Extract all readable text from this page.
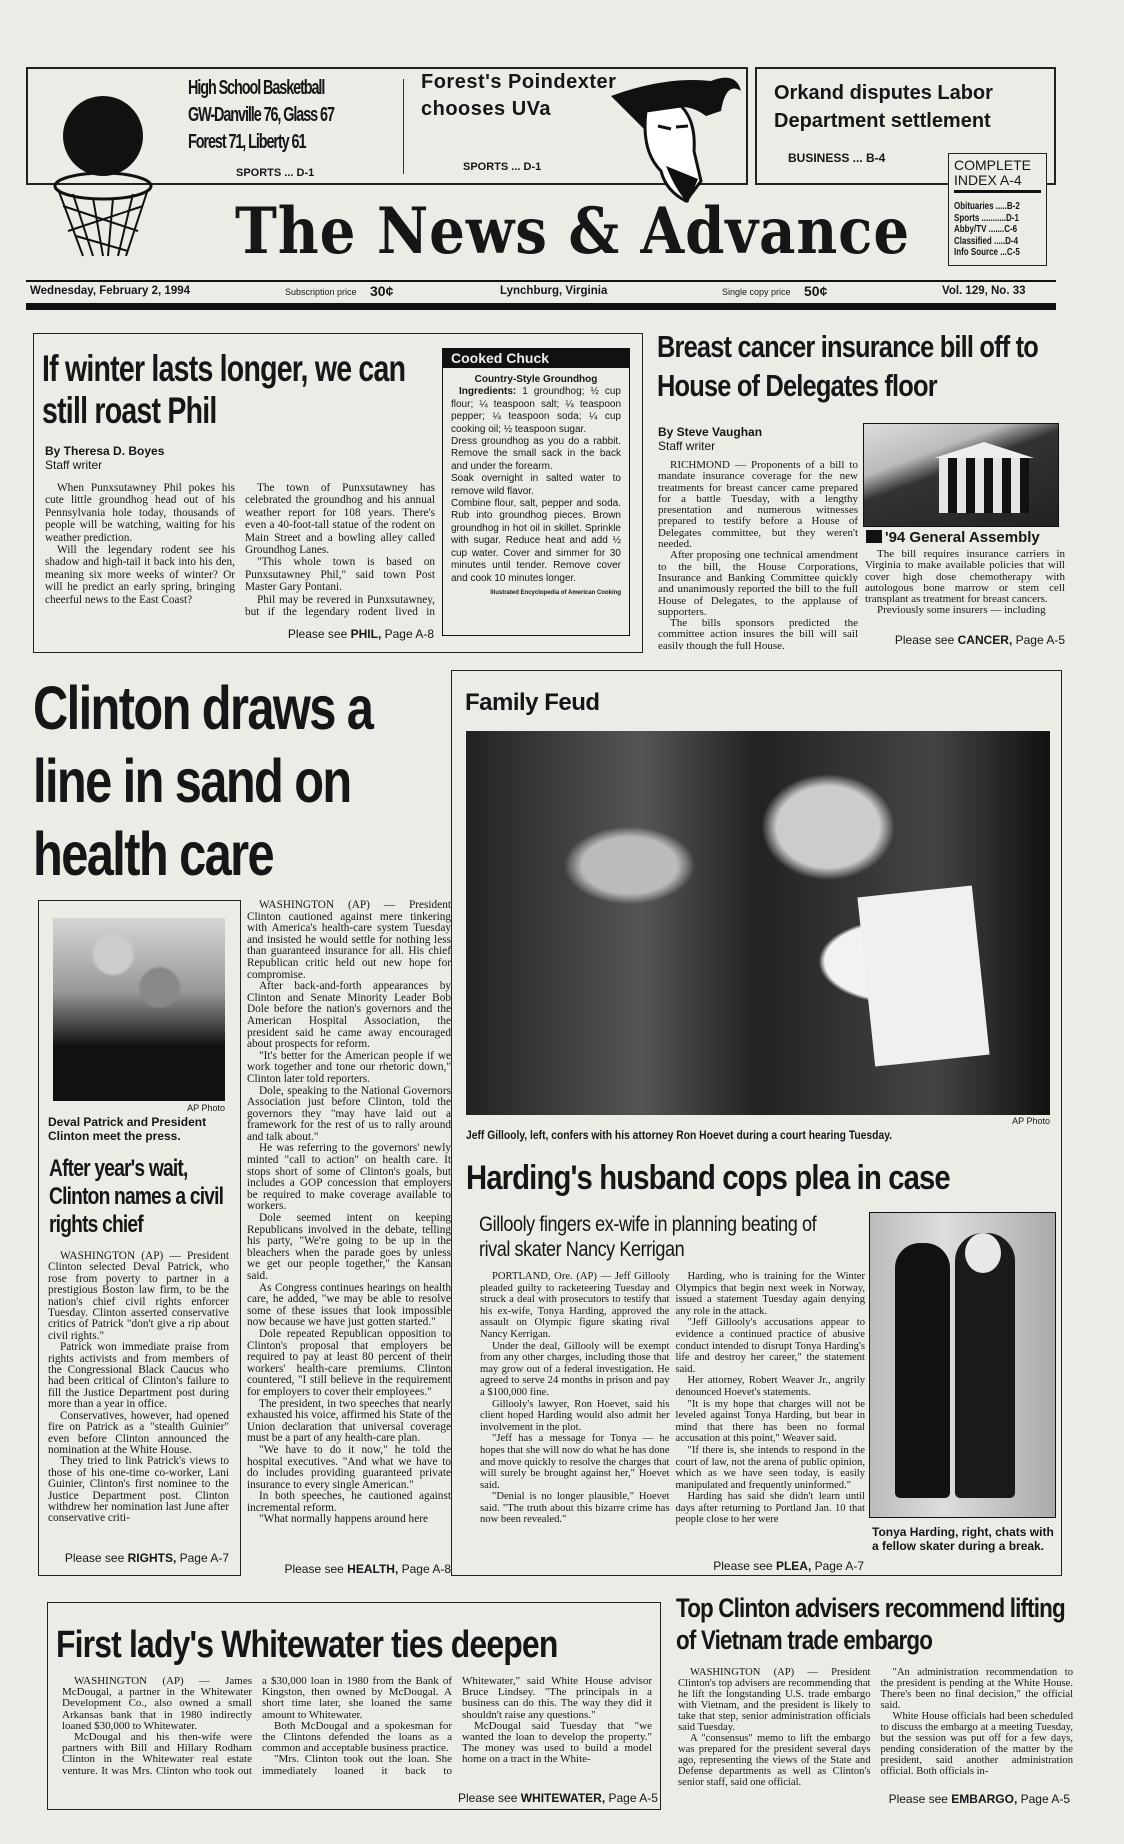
High School Basketball
GW-Danville 76, Glass 67
Forest 71, Liberty 61
SPORTS ... D-1
Forest's Poindexter chooses UVa
SPORTS ... D-1
Orkand disputes Labor Department settlement
BUSINESS ... B-4	COMPLETE INDEX A-4
Obituaries .....B-2
Sports ...........D-1
Abby/TV .......C-6
Classified .....D-4
Info Source ...C-5
The News & Advance
Wednesday, February 2, 1994	Subscription price 30¢	Lynchburg, Virginia	Single copy price 50¢	Vol. 129, No. 33
If winter lasts longer, we can still roast Phil
By Theresa D. Boyes
Staff writer

When Punxsutawney Phil pokes his cute little groundhog head out of his Pennsylvania hole today, thousands of people will be watching, waiting for his weather prediction.

Will the legendary rodent see his shadow and high-tail it back into his den, meaning six more weeks of winter? Or will he predict an early spring, bringing cheerful news to the East Coast?

The town of Punxsutawney has celebrated the groundhog and his annual weather report for 108 years. There's even a 40-foot-tall statue of the rodent on Main Street and a bowling alley called Groundhog Lanes.

"This whole town is based on Punxsutawney Phil," said town Post Master Gary Pontani.

Phil may be revered in Punxsutawney, but if the legendary rodent lived in

Please see PHIL, Page A-8
Cooked Chuck
Country-Style Groundhog
Ingredients: 1 groundhog; ½ cup flour; ¼ teaspoon salt; ¼ teaspoon pepper; ¼ teaspoon soda; ¼ cup cooking oil; ½ teaspoon sugar.

Dress groundhog as you do a rabbit. Remove the small sack in the back and under the forearm.

Soak overnight in salted water to remove wild flavor.

Combine flour, salt, pepper and soda. Rub into groundhog pieces. Brown groundhog in hot oil in skillet. Sprinkle with sugar. Reduce heat and add ½ cup water. Cover and simmer for 30 minutes until tender. Remove cover and cook 10 minutes longer.

Illustrated Encyclopedia of American Cooking
Breast cancer insurance bill off to House of Delegates floor
By Steve Vaughan
Staff writer

RICHMOND — Proponents of a bill to mandate insurance coverage for the new treatments for breast cancer came prepared for a battle Tuesday, with a lengthy presentation and numerous witnesses prepared to testify before a House of Delegates committee, but they weren't needed.

After proposing one technical amendment to the bill, the House Corporations, Insurance and Banking Committee quickly and unanimously reported the bill to the full House of Delegates, to the applause of supporters.

The bills sponsors predicted the committee action insures the bill will sail easily though the full House.

'94 General Assembly

The bill requires insurance carriers in Virginia to make available policies that will cover high dose chemotherapy with autologous bone marrow or stem cell transplant as treatment for breast cancers.

Previously some insurers — including

Please see CANCER, Page A-5
Clinton draws a line in sand on health care
AP Photo
Deval Patrick and President Clinton meet the press.
After year's wait, Clinton names a civil rights chief

WASHINGTON (AP) — President Clinton selected Deval Patrick, who rose from poverty to partner in a prestigious Boston law firm, to be the nation's chief civil rights enforcer Tuesday. Clinton asserted conservative critics of Patrick "don't give a rip about civil rights."

Patrick won immediate praise from rights activists and from members of the Congressional Black Caucus who had been critical of Clinton's failure to fill the Justice Department post during more than a year in office.

Conservatives, however, had opened fire on Patrick as a "stealth Guinier" even before Clinton announced the nomination at the White House.

They tried to link Patrick's views to those of his one-time co-worker, Lani Guinier, Clinton's first nominee to the Justice Department post. Clinton withdrew her nomination last June after conservative criti-

Please see RIGHTS, Page A-7

WASHINGTON (AP) — President Clinton cautioned against mere tinkering with America's health-care system Tuesday and insisted he would settle for nothing less than guaranteed insurance for all. His chief Republican critic held out new hope for compromise.

After back-and-forth appearances by Clinton and Senate Minority Leader Bob Dole before the nation's governors and the American Hospital Association, the president said he came away encouraged about prospects for reform.

"It's better for the American people if we work together and tone our rhetoric down," Clinton later told reporters.

Dole, speaking to the National Governors Association just before Clinton, told the governors they "may have laid out a framework for the rest of us to rally around and talk about."

He was referring to the governors' newly minted "call to action" on health care. It stops short of some of Clinton's goals, but includes a GOP concession that employers be required to make coverage available to workers.

Dole seemed intent on keeping Republicans involved in the debate, telling his party, "We're going to be up in the bleachers when the parade goes by unless we get our people together," the Kansan said.

As Congress continues hearings on health care, he added, "we may be able to resolve some of these issues that look impossible now because we have just gotten started."

Dole repeated Republican opposition to Clinton's proposal that employers be required to pay at least 80 percent of their workers' health-care premiums. Clinton countered, "I still believe in the requirement for employers to cover their employees."

The president, in two speeches that nearly exhausted his voice, affirmed his State of the Union declaration that universal coverage must be a part of any health-care plan.

"We have to do it now," he told the hospital executives. "And what we have to do includes providing guaranteed private insurance to every single American."

In both speeches, he cautioned against incremental reform.

"What normally happens around here

Please see HEALTH, Page A-8
Family Feud
AP Photo
Jeff Gillooly, left, confers with his attorney Ron Hoevet during a court hearing Tuesday.
Harding's husband cops plea in case
Gillooly fingers ex-wife in planning beating of rival skater Nancy Kerrigan

PORTLAND, Ore. (AP) — Jeff Gillooly pleaded guilty to racketeering Tuesday and struck a deal with prosecutors to testify that his ex-wife, Tonya Harding, approved the assault on Olympic figure skating rival Nancy Kerrigan.

Under the deal, Gillooly will be exempt from any other charges, including those that may grow out of a federal investigation. He agreed to serve 24 months in prison and pay a $100,000 fine.

Gillooly's lawyer, Ron Hoevet, said his client hoped Harding would also admit her involvement in the plot.

"Jeff has a message for Tonya — he hopes that she will now do what he has done and move quickly to resolve the charges that will surely be brought against her," Hoevet said.

"Denial is no longer plausible," Hoevet said. "The truth about this bizarre crime has now been revealed."

Harding, who is training for the Winter Olympics that begin next week in Norway, issued a statement Tuesday again denying any role in the attack.

"Jeff Gillooly's accusations appear to evidence a continued practice of abusive conduct intended to disrupt Tonya Harding's life and destroy her career," the statement said.

Her attorney, Robert Weaver Jr., angrily denounced Hoevet's statements.

"It is my hope that charges will not be leveled against Tonya Harding, but bear in mind that there has been no formal accusation at this point," Weaver said.

"If there is, she intends to respond in the court of law, not the arena of public opinion, which as we have seen today, is easily manipulated and frequently uninformed."

Harding has said she didn't learn until days after returning to Portland Jan. 10 that people close to her were

Please see PLEA, Page A-7
Tonya Harding, right, chats with a fellow skater during a break.
First lady's Whitewater ties deepen

WASHINGTON (AP) — James McDougal, a partner in the Whitewater Development Co., also owned a small Arkansas bank that in 1980 indirectly loaned $30,000 to Whitewater.

McDougal and his then-wife were partners with Bill and Hillary Rodham Clinton in the Whitewater real estate venture. It was Mrs. Clinton who took out a $30,000 loan in 1980 from the Bank of Kingston, then owned by McDougal. A short time later, she loaned the same amount to Whitewater.

Both McDougal and a spokesman for the Clintons defended the loans as a common and acceptable business practice.

"Mrs. Clinton took out the loan. She immediately loaned it back to Whitewater," said White House advisor Bruce Lindsey. "The principals in a business can do this. The way they did it shouldn't raise any questions."

McDougal said Tuesday that "we wanted the loan to develop the property." The money was used to build a model home on a tract in the White-

Please see WHITEWATER, Page A-5
Top Clinton advisers recommend lifting of Vietnam trade embargo

WASHINGTON (AP) — President Clinton's top advisers are recommending that he lift the longstanding U.S. trade embargo with Vietnam, and the president is likely to take that step, senior administration officials said Tuesday.

A "consensus" memo to lift the embargo was prepared for the president several days ago, representing the views of the State and Defense departments as well as Clinton's senior staff, said one official.

"An administration recommendation to the president is pending at the White House. There's been no final decision," the official said.

White House officials had been scheduled to discuss the embargo at a meeting Tuesday, but the session was put off for a few days, pending consideration of the matter by the president, said another administration official. Both officials in-

Please see EMBARGO, Page A-5
